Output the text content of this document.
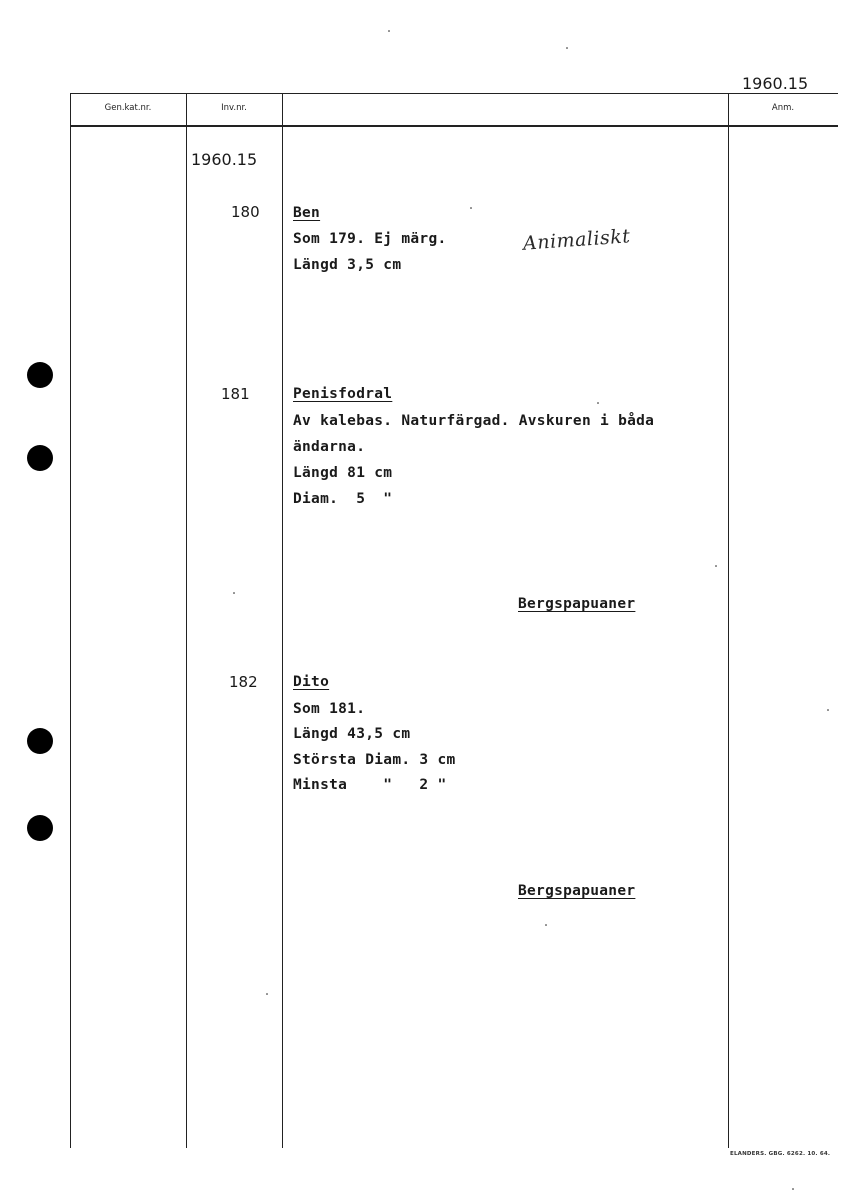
1960.15
Gen.kat.nr.	Inv.nr.	Anm.
1960.15
180 Ben
Som 179. Ej märg.
Längd 3,5 cm
Animaliskt
181	Penisfodral
Av kalebas. Naturfärgad. Avskuren i båda
ändarna.
Längd 81 cm
Diam.  5  "
Bergspapuaner
182 Dito
Som 181.
Längd 43,5 cm
Största Diam. 3 cm
Minsta    "   2 "
Bergspapuaner
ELANDERS. GBG. 6262. 10. 64.
